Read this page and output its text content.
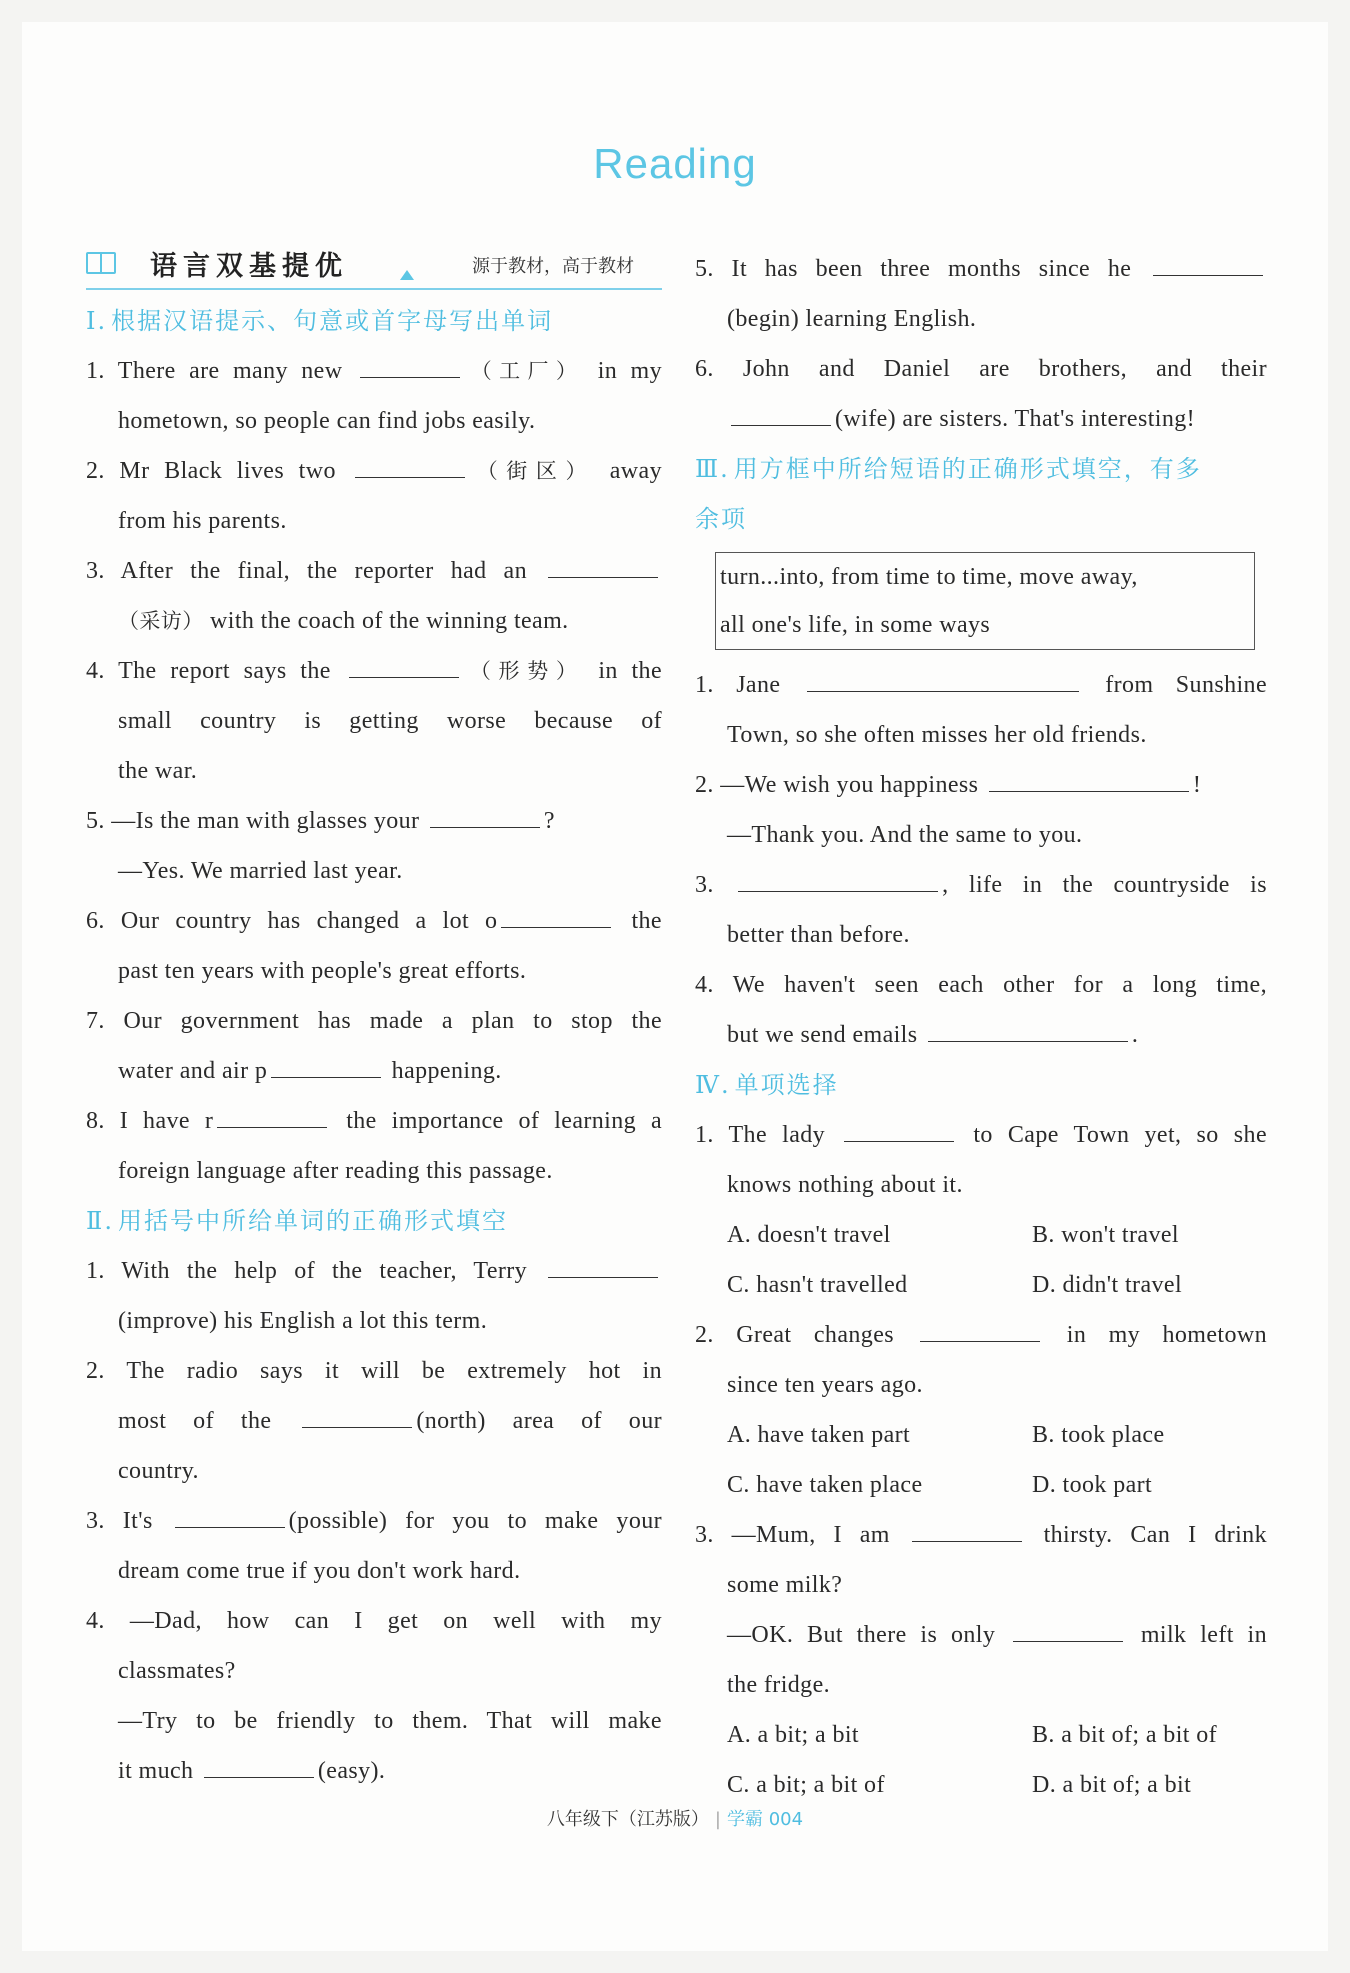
Reading
语言双基提优	源于教材，高于教材
Ⅰ. 根据汉语提示、句意或首字母写出单词
1. There are many new	（工厂） in my
hometown, so people can find jobs easily.
2. Mr Black lives two	（街区） away
from his parents.
3. After the final, the reporter had an
（采访） with the coach of the winning team.
4. The report says the	（形势） in the
small country is getting worse because of
the war.
5. —Is the man with glasses your	?
—Yes. We married last year.
6. Our country has changed a lot o	the
past ten years with people's great efforts.
7. Our government has made a plan to stop the
water and air p	happening.
8. I have r	the importance of learning a
foreign language after reading this passage.
Ⅱ. 用括号中所给单词的正确形式填空
1. With the help of the teacher, Terry
(improve) his English a lot this term.
2. The radio says it will be extremely hot in
most of the	(north) area of our
country.
3. It's	(possible) for you to make your
dream come true if you don't work hard.
4. —Dad, how can I get on well with my
classmates?
—Try to be friendly to them. That will make
it much	(easy).
5. It has been three months since he
(begin) learning English.
6. John and Daniel are brothers, and their
(wife) are sisters. That's interesting!
Ⅲ. 用方框中所给短语的正确形式填空，有多
余项
turn...into, from time to time, move away,
all one's life, in some ways
1. Jane	from Sunshine
Town, so she often misses her old friends.
2. —We wish you happiness	!
—Thank you. And the same to you.
3.	, life in the countryside is
better than before.
4. We haven't seen each other for a long time,
but we send emails	.
Ⅳ. 单项选择
1. The lady	to Cape Town yet, so she
knows nothing about it.
A. doesn't travel	B. won't travel
C. hasn't travelled	D. didn't travel
2. Great changes	in my hometown
since ten years ago.
A. have taken part	B. took place
C. have taken place	D. took part
3. —Mum, I am	thirsty. Can I drink
some milk?
—OK. But there is only	milk left in
the fridge.
A. a bit; a bit	B. a bit of; a bit of
C. a bit; a bit of	D. a bit of; a bit
八年级下（江苏版） | 学霸 004
